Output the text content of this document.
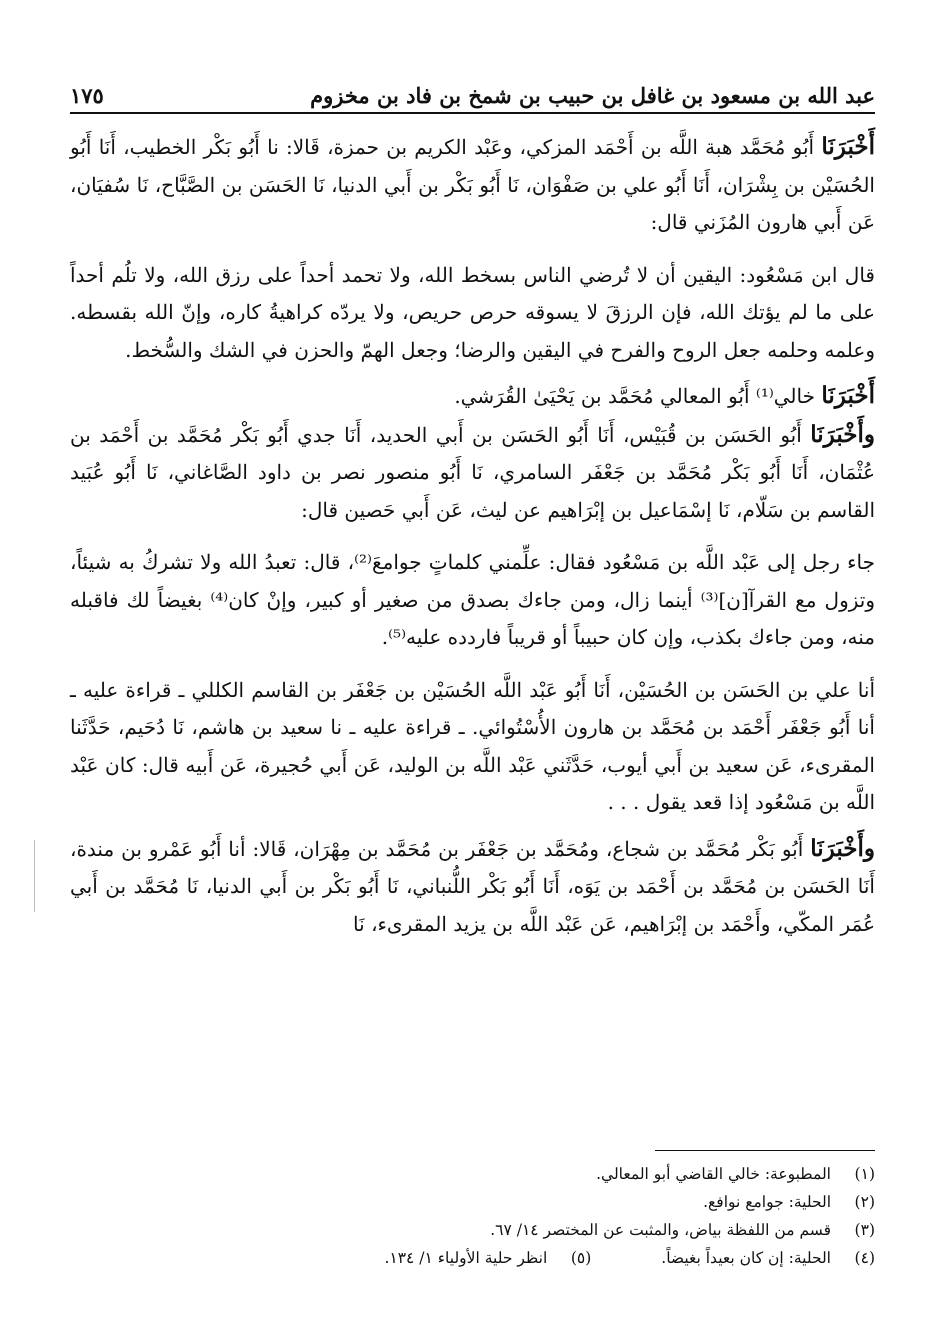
عبد الله بن مسعود بن غافل بن حبيب بن شمخ بن فاد بن مخزوم
١٧٥

أَخْبَرَنَا أَبُو مُحَمَّد هبة اللَّه بن أَحْمَد المزكي، وعَبْد الكريم بن حمزة، قَالا: نا أَبُو بَكْر الخطيب، أَنَا أَبُو الحُسَيْن بن بِشْرَان، أَنَا أَبُو علي بن صَفْوَان، نَا أَبُو بَكْر بن أَبي الدنيا، نَا الحَسَن بن الصَّبَّاح، نَا سُفيَان، عَن أَبي هارون المُزَني قال:

قال ابن مَسْعُود: اليقين أن لا تُرضي الناس بسخط الله، ولا تحمد أحداً على رزق الله، ولا تلُم أحداً على ما لم يؤتك الله، فإن الرزقَ لا يسوقه حرص حريص، ولا يردّه كراهيةُ كاره، وإنّ الله بقسطه. وعلمه وحلمه جعل الروح والفرح في اليقين والرضا؛ وجعل الهمّ والحزن في الشك والسُّخط.

أَخْبَرَنَا خالي⁽¹⁾ أَبُو المعالي مُحَمَّد بن يَحْيَىٰ القُرَشي.

وأَخْبَرَنَا أَبُو الحَسَن بن قُبَيْس، أَنَا أَبُو الحَسَن بن أَبي الحديد، أَنَا جدي أَبُو بَكْر مُحَمَّد بن أَحْمَد بن عُثْمَان، أَنَا أَبُو بَكْر مُحَمَّد بن جَعْفَر السامري، نَا أَبُو منصور نصر بن داود الصَّاغاني، نَا أَبُو عُبَيد القاسم بن سَلّام، نَا إسْمَاعيل بن إبْرَاهيم عن ليث، عَن أَبي حَصين قال:

جاء رجل إلى عَبْد اللَّه بن مَسْعُود فقال: علِّمني كلماتٍ جوامعَ⁽²⁾، قال: تعبدُ الله ولا تشركُ به شيئاً، وتزول مع القرآ[ن]⁽³⁾ أينما زال، ومن جاءك بصدق من صغير أو كبير، وإنْ كان⁽⁴⁾ بغيضاً لك فاقبله منه، ومن جاءك بكذب، وإن كان حبيباً أو قريباً فاردده عليه⁽⁵⁾.

أنا علي بن الحَسَن بن الحُسَيْن، أَنَا أَبُو عَبْد اللَّه الحُسَيْن بن جَعْفَر بن القاسم الكللي ـ قراءة عليه ـ أنا أَبُو جَعْفَر أَحْمَد بن مُحَمَّد بن هارون الأُسْتُوائي. ـ قراءة عليه ـ نا سعيد بن هاشم، نَا دُحَيم، حَدَّثَنا المقرىء، عَن سعيد بن أَبي أيوب، حَدَّثَني عَبْد اللَّه بن الوليد، عَن أَبي حُجيرة، عَن أَبيه قال: كان عَبْد اللَّه بن مَسْعُود إذا قعد يقول . . .

وأَخْبَرَنَا أَبُو بَكْر مُحَمَّد بن شجاع، ومُحَمَّد بن جَعْفَر بن مُحَمَّد بن مِهْرَان، قَالا: أنا أَبُو عَمْرو بن مندة، أَنَا الحَسَن بن مُحَمَّد بن أَحْمَد بن يَوَه، أَنَا أَبُو بَكْر اللُّنباني، نَا أَبُو بَكْر بن أَبي الدنيا، نَا مُحَمَّد بن أَبي عُمَر المكّي، وأَحْمَد بن إبْرَاهيم، عَن عَبْد اللَّه بن يزيد المقرىء، نَا

(١)
المطبوعة: خالي القاضي أبو المعالي.
(٢)
الحلية: جوامع نوافع.
(٣)
قسم من اللفظة بياض، والمثبت عن المختصر ١٤/ ٦٧.
(٤)
الحلية: إن كان بعيداً بغيضاً.
(٥)
انظر حلية الأولياء ١/ ١٣٤.
